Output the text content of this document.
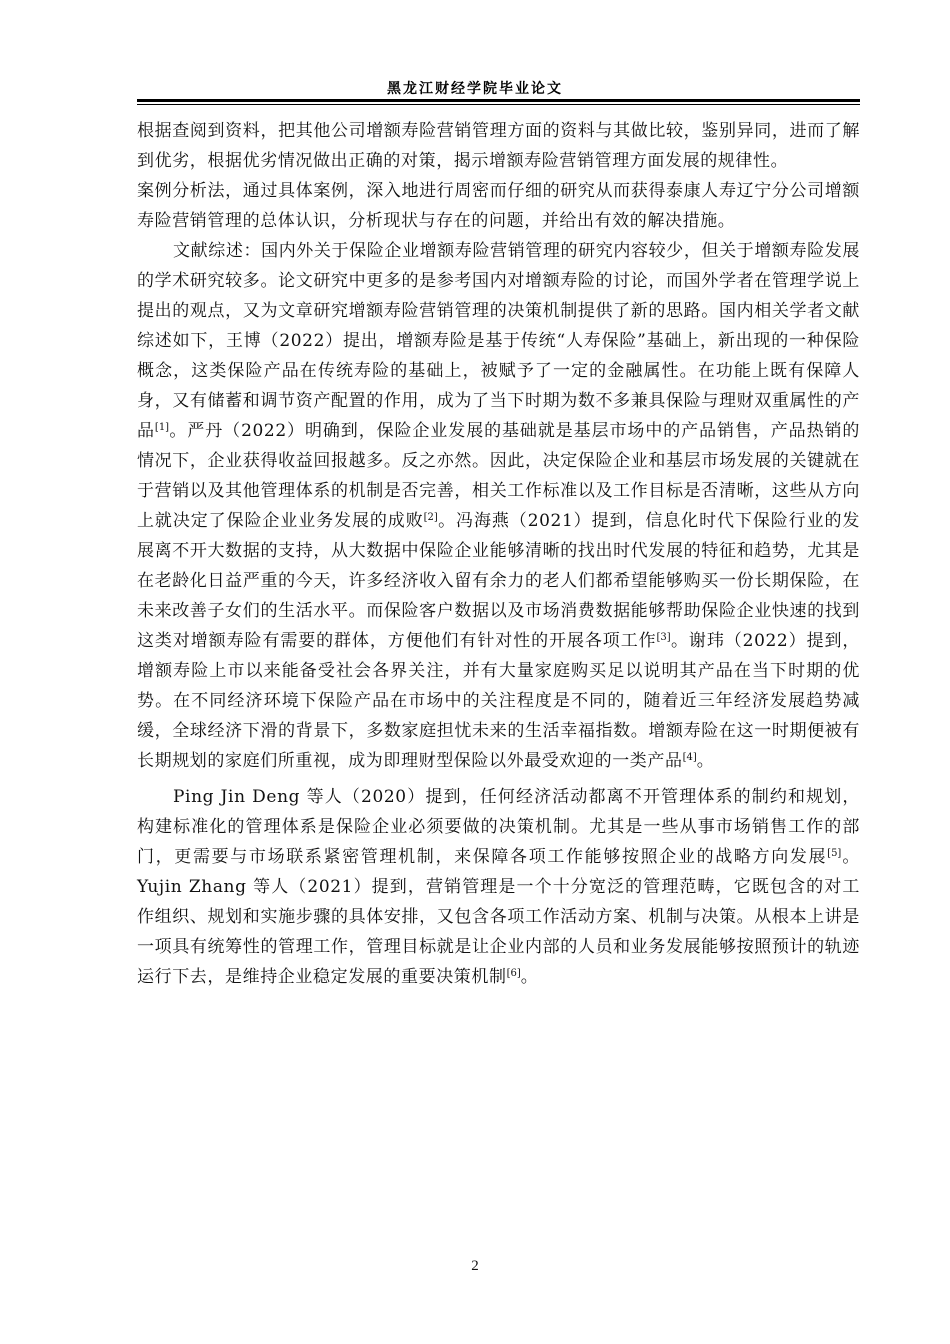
黑龙江财经学院毕业论文

根据查阅到资料，把其他公司增额寿险营销管理方面的资料与其做比较，鉴别异同，进而了解到优劣，根据优劣情况做出正确的对策，揭示增额寿险营销管理方面发展的规律性。

案例分析法，通过具体案例，深入地进行周密而仔细的研究从而获得泰康人寿辽宁分公司增额寿险营销管理的总体认识，分析现状与存在的问题，并给出有效的解决措施。

文献综述：国内外关于保险企业增额寿险营销管理的研究内容较少，但关于增额寿险发展的学术研究较多。论文研究中更多的是参考国内对增额寿险的讨论，而国外学者在管理学说上提出的观点，又为文章研究增额寿险营销管理的决策机制提供了新的思路。国内相关学者文献综述如下，王博（2022）提出，增额寿险是基于传统“人寿保险”基础上，新出现的一种保险概念，这类保险产品在传统寿险的基础上，被赋予了一定的金融属性。在功能上既有保障人身，又有储蓄和调节资产配置的作用，成为了当下时期为数不多兼具保险与理财双重属性的产品[1]。严丹（2022）明确到，保险企业发展的基础就是基层市场中的产品销售，产品热销的情况下，企业获得收益回报越多。反之亦然。因此，决定保险企业和基层市场发展的关键就在于营销以及其他管理体系的机制是否完善，相关工作标准以及工作目标是否清晰，这些从方向上就决定了保险企业业务发展的成败[2]。冯海燕（2021）提到，信息化时代下保险行业的发展离不开大数据的支持，从大数据中保险企业能够清晰的找出时代发展的特征和趋势，尤其是在老龄化日益严重的今天，许多经济收入留有余力的老人们都希望能够购买一份长期保险，在未来改善子女们的生活水平。而保险客户数据以及市场消费数据能够帮助保险企业快速的找到这类对增额寿险有需要的群体，方便他们有针对性的开展各项工作[3]。谢玮（2022）提到，增额寿险上市以来能备受社会各界关注，并有大量家庭购买足以说明其产品在当下时期的优势。在不同经济环境下保险产品在市场中的关注程度是不同的，随着近三年经济发展趋势减缓，全球经济下滑的背景下，多数家庭担忧未来的生活幸福指数。增额寿险在这一时期便被有长期规划的家庭们所重视，成为即理财型保险以外最受欢迎的一类产品[4]。

Ping Jin Deng 等人（2020）提到，任何经济活动都离不开管理体系的制约和规划，构建标准化的管理体系是保险企业必须要做的决策机制。尤其是一些从事市场销售工作的部门，更需要与市场联系紧密管理机制，来保障各项工作能够按照企业的战略方向发展[5]。Yujin Zhang 等人（2021）提到，营销管理是一个十分宽泛的管理范畴，它既包含的对工作组织、规划和实施步骤的具体安排，又包含各项工作活动方案、机制与决策。从根本上讲是一项具有统筹性的管理工作，管理目标就是让企业内部的人员和业务发展能够按照预计的轨迹运行下去，是维持企业稳定发展的重要决策机制[6]。

2
